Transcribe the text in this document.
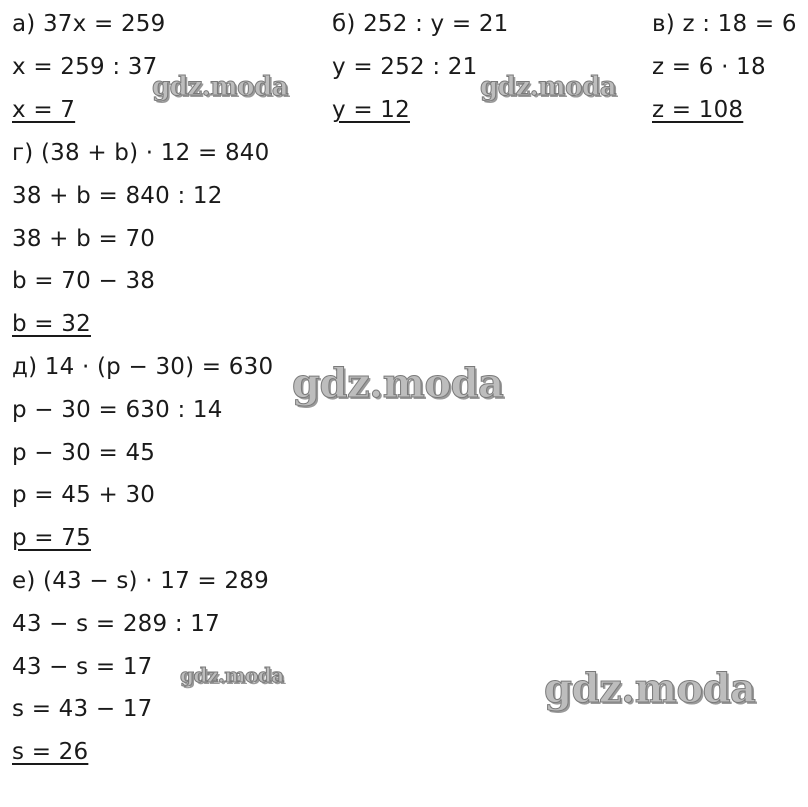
а) 37x = 259
x = 259 : 37
x = 7
б) 252 : y = 21
y = 252 : 21
y = 12
в) z : 18 = 6
z = 6 · 18
z = 108
г) (38 + b) · 12 = 840
38 + b = 840 : 12
38 + b = 70
b = 70 − 38
b = 32
д) 14 · (p − 30) = 630
p − 30 = 630 : 14
p − 30 = 45
p = 45 + 30
p = 75
е) (43 − s) · 17 = 289
43 − s = 289 : 17
43 − s = 17
s = 43 − 17
s = 26
gdz.moda	gdz.moda
gdz.moda
gdz.moda	gdz.moda
